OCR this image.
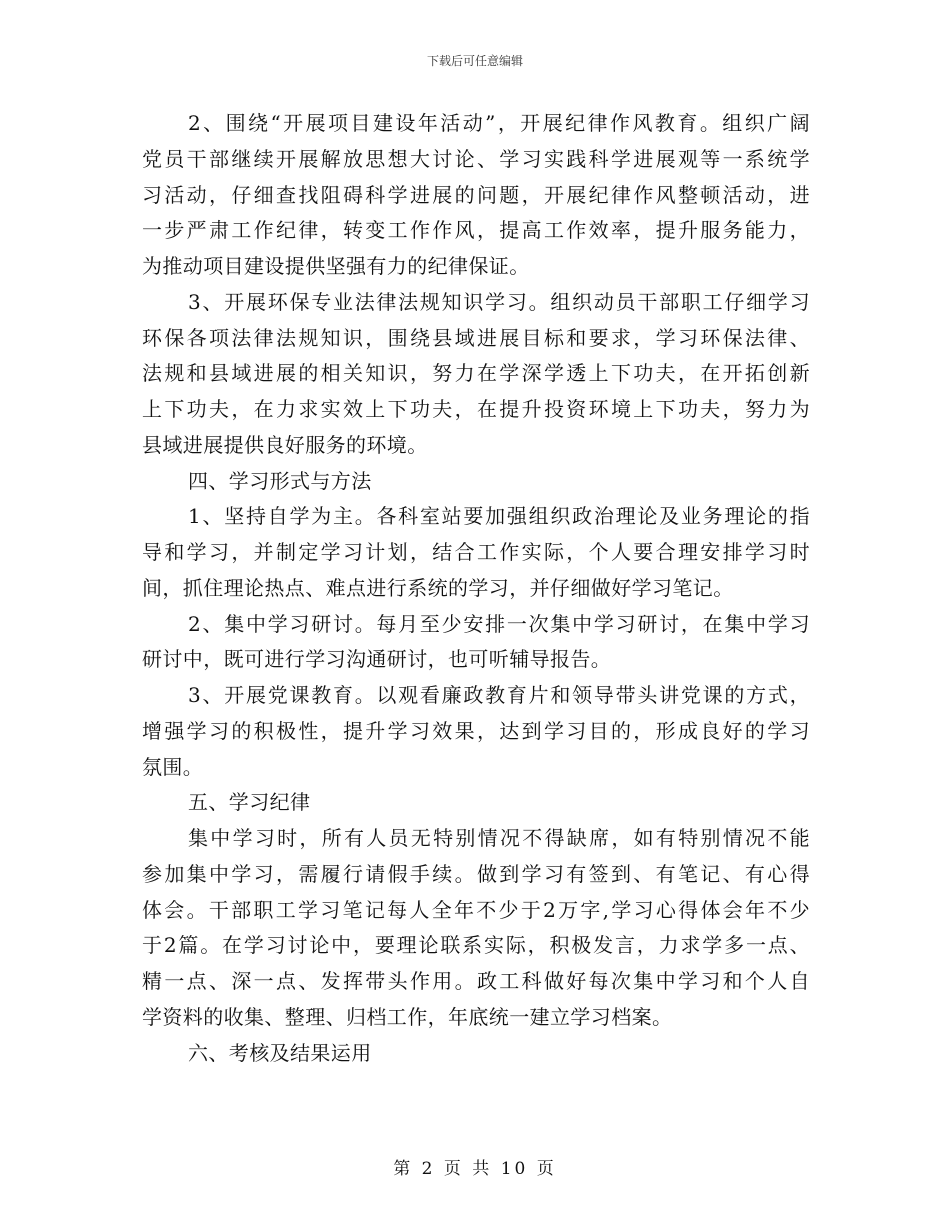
下载后可任意编辑
2、围绕“开展项目建设年活动”，开展纪律作风教育。组织广阔
党员干部继续开展解放思想大讨论、学习实践科学进展观等一系统学
习活动，仔细查找阻碍科学进展的问题，开展纪律作风整顿活动，进
一步严肃工作纪律，转变工作作风，提高工作效率，提升服务能力，
为推动项目建设提供坚强有力的纪律保证。
3、开展环保专业法律法规知识学习。组织动员干部职工仔细学习
环保各项法律法规知识，围绕县域进展目标和要求，学习环保法律、
法规和县域进展的相关知识，努力在学深学透上下功夫，在开拓创新
上下功夫，在力求实效上下功夫，在提升投资环境上下功夫，努力为
县域进展提供良好服务的环境。
四、学习形式与方法
1、坚持自学为主。各科室站要加强组织政治理论及业务理论的指
导和学习，并制定学习计划，结合工作实际，个人要合理安排学习时
间，抓住理论热点、难点进行系统的学习，并仔细做好学习笔记。
2、集中学习研讨。每月至少安排一次集中学习研讨，在集中学习
研讨中，既可进行学习沟通研讨，也可听辅导报告。
3、开展党课教育。以观看廉政教育片和领导带头讲党课的方式，
增强学习的积极性，提升学习效果，达到学习目的，形成良好的学习
氛围。
五、学习纪律
集中学习时，所有人员无特别情况不得缺席，如有特别情况不能
参加集中学习，需履行请假手续。做到学习有签到、有笔记、有心得
体会。干部职工学习笔记每人全年不少于2万字,学习心得体会年不少
于2篇。在学习讨论中，要理论联系实际，积极发言，力求学多一点、
精一点、深一点、发挥带头作用。政工科做好每次集中学习和个人自
学资料的收集、整理、归档工作，年底统一建立学习档案。
六、考核及结果运用
第 2 页 共 10 页
